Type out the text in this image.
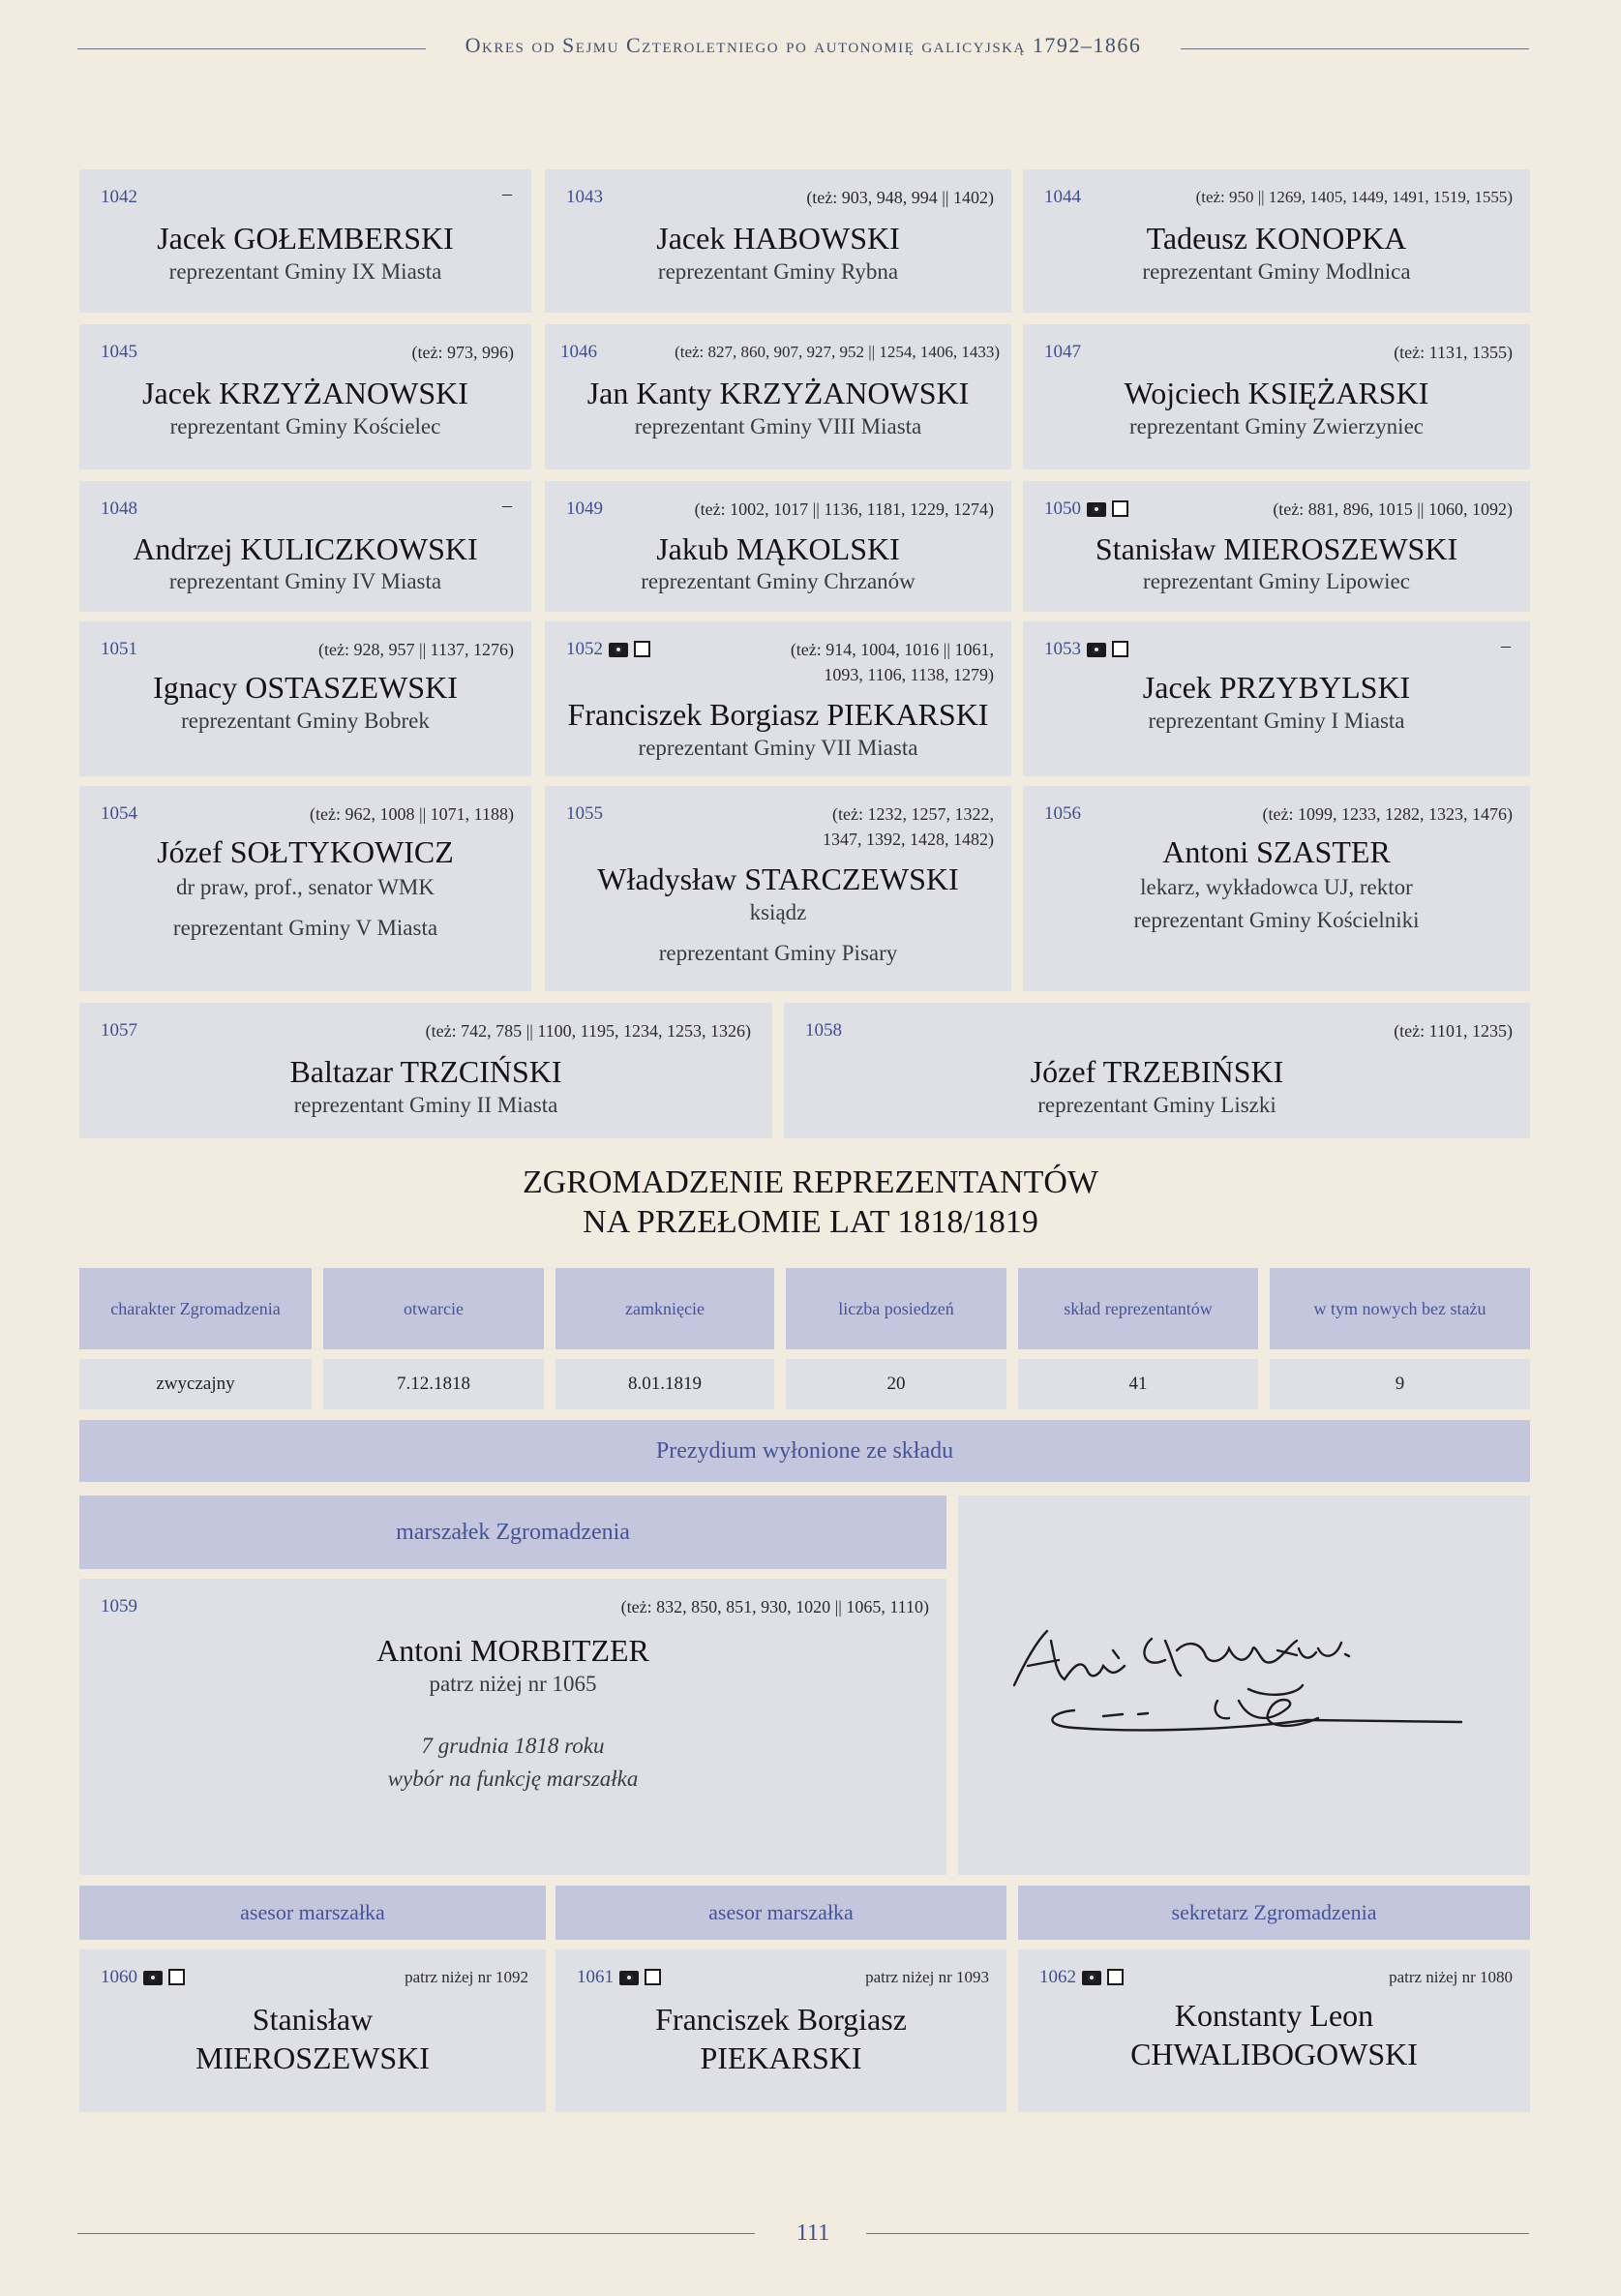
Okres od Sejmu Czteroletniego po autonomię galicyjską 1792–1866
1042	–
Jacek GOŁEMBERSKI
reprezentant Gminy IX Miasta
1043	(też: 903, 948, 994 || 1402)
Jacek HABOWSKI
reprezentant Gminy Rybna
1044	(też: 950 || 1269, 1405, 1449, 1491, 1519, 1555)
Tadeusz KONOPKA
reprezentant Gminy Modlnica
1045	(też: 973, 996)
Jacek KRZYŻANOWSKI
reprezentant Gminy Kościelec
1046	(też: 827, 860, 907, 927, 952 || 1254, 1406, 1433)
Jan Kanty KRZYŻANOWSKI
reprezentant Gminy VIII Miasta
1047	(też: 1131, 1355)
Wojciech KSIĘŻARSKI
reprezentant Gminy Zwierzyniec
1048	–
Andrzej KULICZKOWSKI
reprezentant Gminy IV Miasta
1049	(też: 1002, 1017 || 1136, 1181, 1229, 1274)
Jakub MĄKOLSKI
reprezentant Gminy Chrzanów
1050	(też: 881, 896, 1015 || 1060, 1092)
Stanisław MIEROSZEWSKI
reprezentant Gminy Lipowiec
1051	(też: 928, 957 || 1137, 1276)
Ignacy OSTASZEWSKI
reprezentant Gminy Bobrek
1052	(też: 914, 1004, 1016 || 1061,
1093, 1106, 1138, 1279)
Franciszek Borgiasz PIEKARSKI
reprezentant Gminy VII Miasta
1053	–
Jacek PRZYBYLSKI
reprezentant Gminy I Miasta
1054	(też: 962, 1008 || 1071, 1188)
Józef SOŁTYKOWICZ
dr praw, prof., senator WMK
reprezentant Gminy V Miasta
1055	(też: 1232, 1257, 1322,
1347, 1392, 1428, 1482)
Władysław STARCZEWSKI
ksiądz
reprezentant Gminy Pisary
1056	(też: 1099, 1233, 1282, 1323, 1476)
Antoni SZASTER
lekarz, wykładowca UJ, rektor
reprezentant Gminy Kościelniki
1057	(też: 742, 785 || 1100, 1195, 1234, 1253, 1326)
Baltazar TRZCIŃSKI
reprezentant Gminy II Miasta
1058	(też: 1101, 1235)
Józef TRZEBIŃSKI
reprezentant Gminy Liszki
ZGROMADZENIE REPREZENTANTÓW
NA PRZEŁOMIE LAT 1818/1819
charakter Zgromadzenia	otwarcie	zamknięcie	liczba posiedzeń	skład reprezentantów	w tym nowych bez stażu
zwyczajny	7.12.1818	8.01.1819	20	41	9
Prezydium wyłonione ze składu
marszałek Zgromadzenia
1059	(też: 832, 850, 851, 930, 1020 || 1065, 1110)
Antoni MORBITZER
patrz niżej nr 1065
7 grudnia 1818 roku
wybór na funkcję marszałka
asesor marszałka	asesor marszałka	sekretarz Zgromadzenia
1060	patrz niżej nr 1092
Stanisław
MIEROSZEWSKI
1061	patrz niżej nr 1093
Franciszek Borgiasz
PIEKARSKI
1062	patrz niżej nr 1080
Konstanty Leon
CHWALIBOGOWSKI
111
